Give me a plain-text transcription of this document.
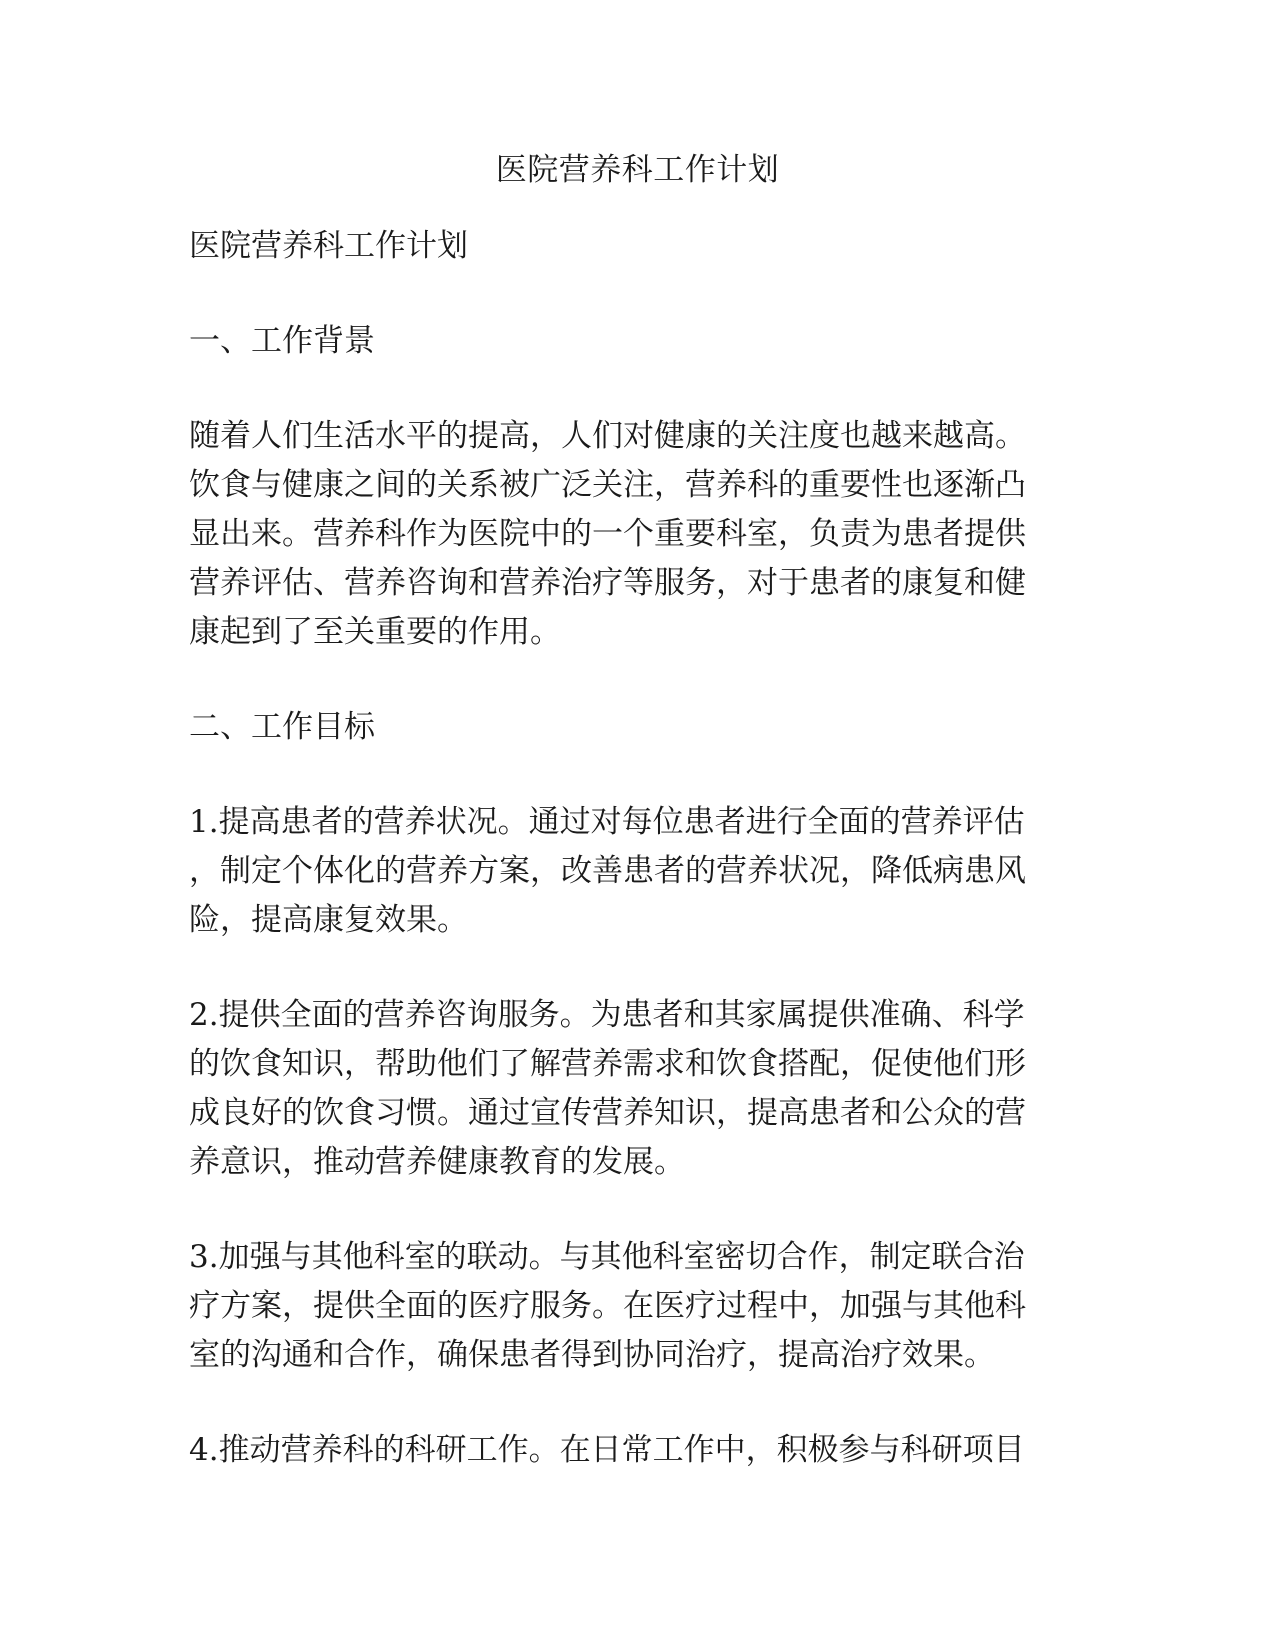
医院营养科工作计划

医院营养科工作计划

一、工作背景

随着人们生活水平的提高，人们对健康的关注度也越来越高。
饮食与健康之间的关系被广泛关注，营养科的重要性也逐渐凸
显出来。营养科作为医院中的一个重要科室，负责为患者提供
营养评估、营养咨询和营养治疗等服务，对于患者的康复和健
康起到了至关重要的作用。

二、工作目标

1.提高患者的营养状况。通过对每位患者进行全面的营养评估
，制定个体化的营养方案，改善患者的营养状况，降低病患风
险，提高康复效果。

2.提供全面的营养咨询服务。为患者和其家属提供准确、科学
的饮食知识，帮助他们了解营养需求和饮食搭配，促使他们形
成良好的饮食习惯。通过宣传营养知识，提高患者和公众的营
养意识，推动营养健康教育的发展。

3.加强与其他科室的联动。与其他科室密切合作，制定联合治
疗方案，提供全面的医疗服务。在医疗过程中，加强与其他科
室的沟通和合作，确保患者得到协同治疗，提高治疗效果。

4.推动营养科的科研工作。在日常工作中，积极参与科研项目
